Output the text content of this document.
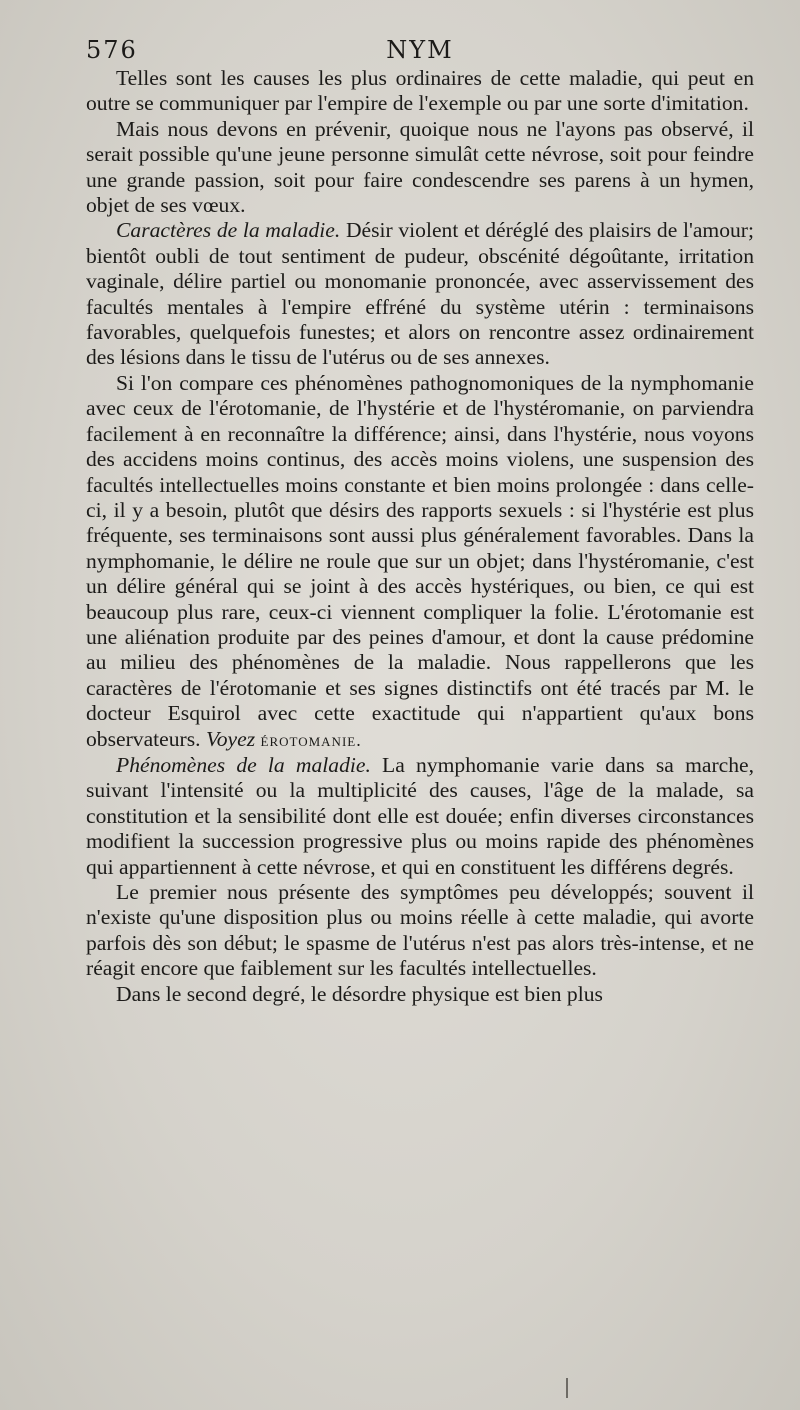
576	NYM

Telles sont les causes les plus ordinaires de cette maladie, qui peut en outre se communiquer par l'empire de l'exemple ou par une sorte d'imitation.

Mais nous devons en prévenir, quoique nous ne l'ayons pas observé, il serait possible qu'une jeune personne simulât cette névrose, soit pour feindre une grande passion, soit pour faire condescendre ses parens à un hymen, objet de ses vœux.

Caractères de la maladie. Désir violent et déréglé des plaisirs de l'amour; bientôt oubli de tout sentiment de pudeur, obscénité dégoûtante, irritation vaginale, délire partiel ou monomanie prononcée, avec asservissement des facultés mentales à l'empire effréné du système utérin : terminaisons favorables, quelquefois funestes; et alors on rencontre assez ordinairement des lésions dans le tissu de l'utérus ou de ses annexes.

Si l'on compare ces phénomènes pathognomoniques de la nymphomanie avec ceux de l'érotomanie, de l'hystérie et de l'hystéromanie, on parviendra facilement à en reconnaître la différence; ainsi, dans l'hystérie, nous voyons des accidens moins continus, des accès moins violens, une suspension des facultés intellectuelles moins constante et bien moins prolongée : dans celle-ci, il y a besoin, plutôt que désirs des rapports sexuels : si l'hystérie est plus fréquente, ses terminaisons sont aussi plus généralement favorables. Dans la nymphomanie, le délire ne roule que sur un objet; dans l'hystéromanie, c'est un délire général qui se joint à des accès hystériques, ou bien, ce qui est beaucoup plus rare, ceux-ci viennent compliquer la folie. L'érotomanie est une aliénation produite par des peines d'amour, et dont la cause prédomine au milieu des phénomènes de la maladie. Nous rappellerons que les caractères de l'érotomanie et ses signes distinctifs ont été tracés par M. le docteur Esquirol avec cette exactitude qui n'appartient qu'aux bons observateurs. Voyez érotomanie.

Phénomènes de la maladie. La nymphomanie varie dans sa marche, suivant l'intensité ou la multiplicité des causes, l'âge de la malade, sa constitution et la sensibilité dont elle est douée; enfin diverses circonstances modifient la succession progressive plus ou moins rapide des phénomènes qui appartiennent à cette névrose, et qui en constituent les différens degrés.

Le premier nous présente des symptômes peu développés; souvent il n'existe qu'une disposition plus ou moins réelle à cette maladie, qui avorte parfois dès son début; le spasme de l'utérus n'est pas alors très-intense, et ne réagit encore que faiblement sur les facultés intellectuelles.

Dans le second degré, le désordre physique est bien plus
